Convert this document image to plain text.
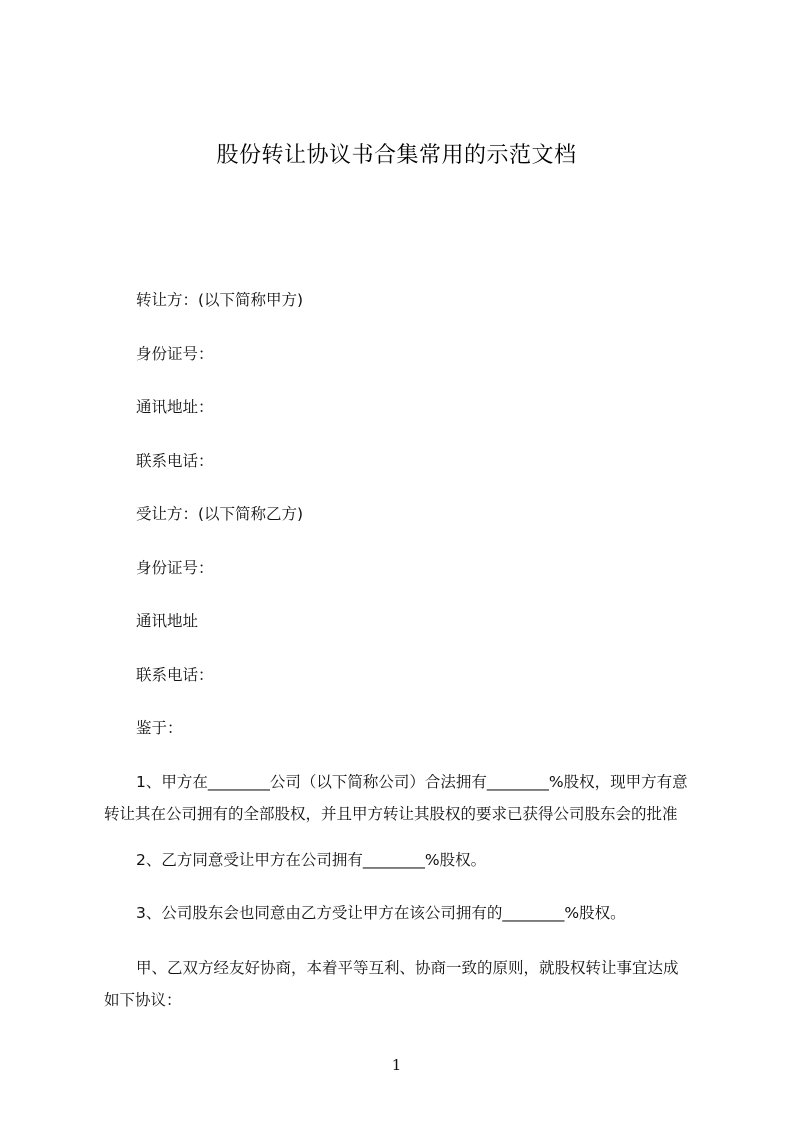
股份转让协议书合集常用的示范文档
转让方：(以下简称甲方)
身份证号：
通讯地址：
联系电话：
受让方：(以下简称乙方)
身份证号：
通讯地址
联系电话：
鉴于：
1、甲方在________公司（以下简称公司）合法拥有________%股权，现甲方有意
转让其在公司拥有的全部股权，并且甲方转让其股权的要求已获得公司股东会的批准
2、乙方同意受让甲方在公司拥有________%股权。
3、公司股东会也同意由乙方受让甲方在该公司拥有的________%股权。
甲、乙双方经友好协商，本着平等互利、协商一致的原则，就股权转让事宜达成
如下协议：
1
